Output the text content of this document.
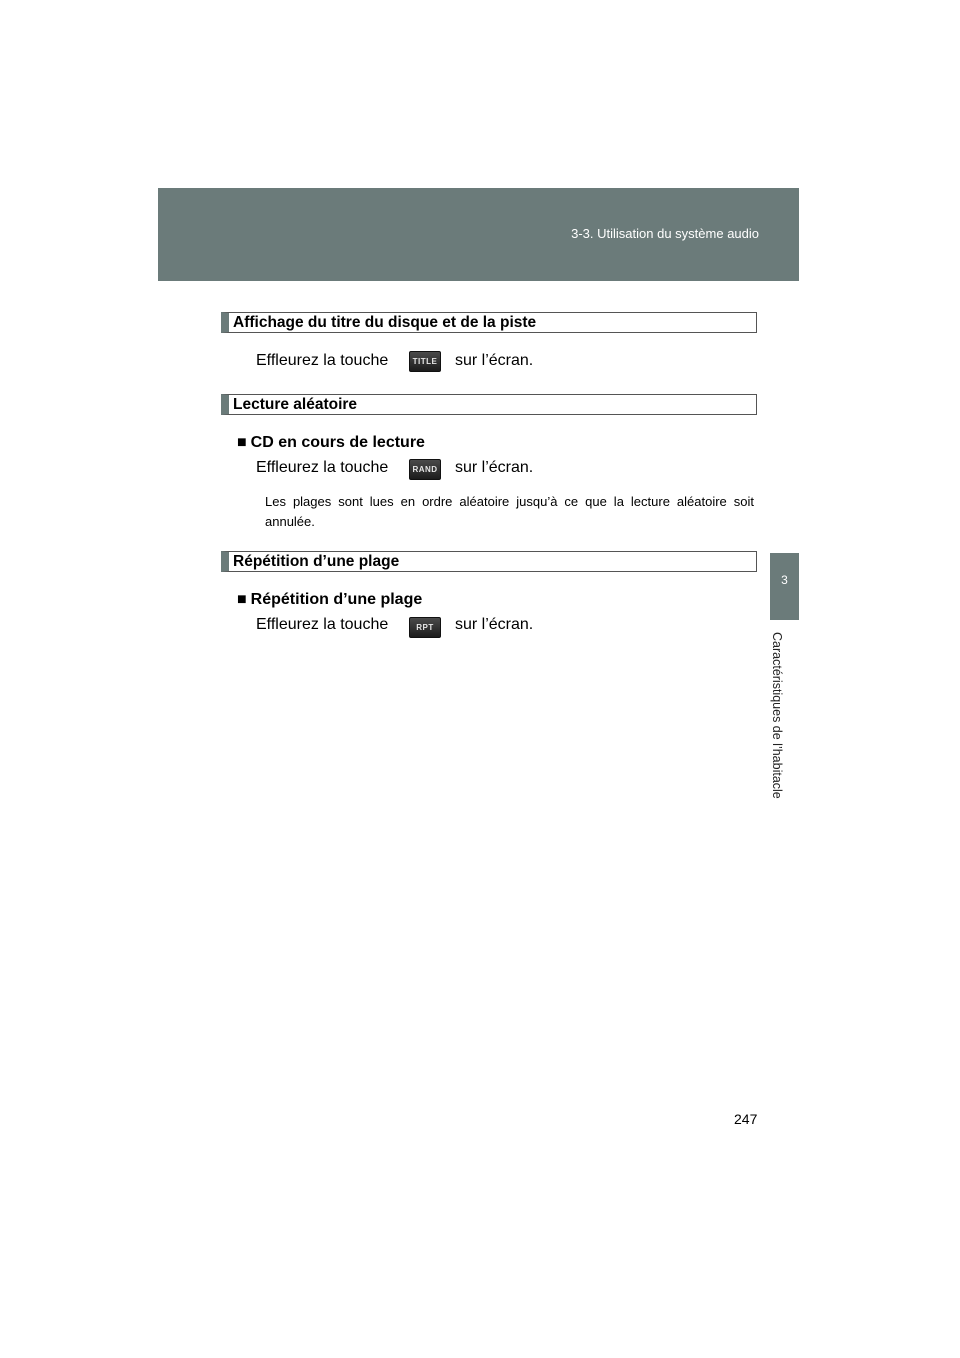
3-3. Utilisation du système audio
3
Caractéristiques de l’habitacle
Affichage du titre du disque et de la piste
Effleurez la touche	TITLE sur l’écran.
Lecture aléatoire
■ CD en cours de lecture
Effleurez la touche	RAND sur l’écran.
Les plages sont lues en ordre aléatoire jusqu’à ce que la lecture aléatoire soit annulée.
Répétition d’une plage
■ Répétition d’une plage
Effleurez la touche	RPT	sur l’écran.
247
